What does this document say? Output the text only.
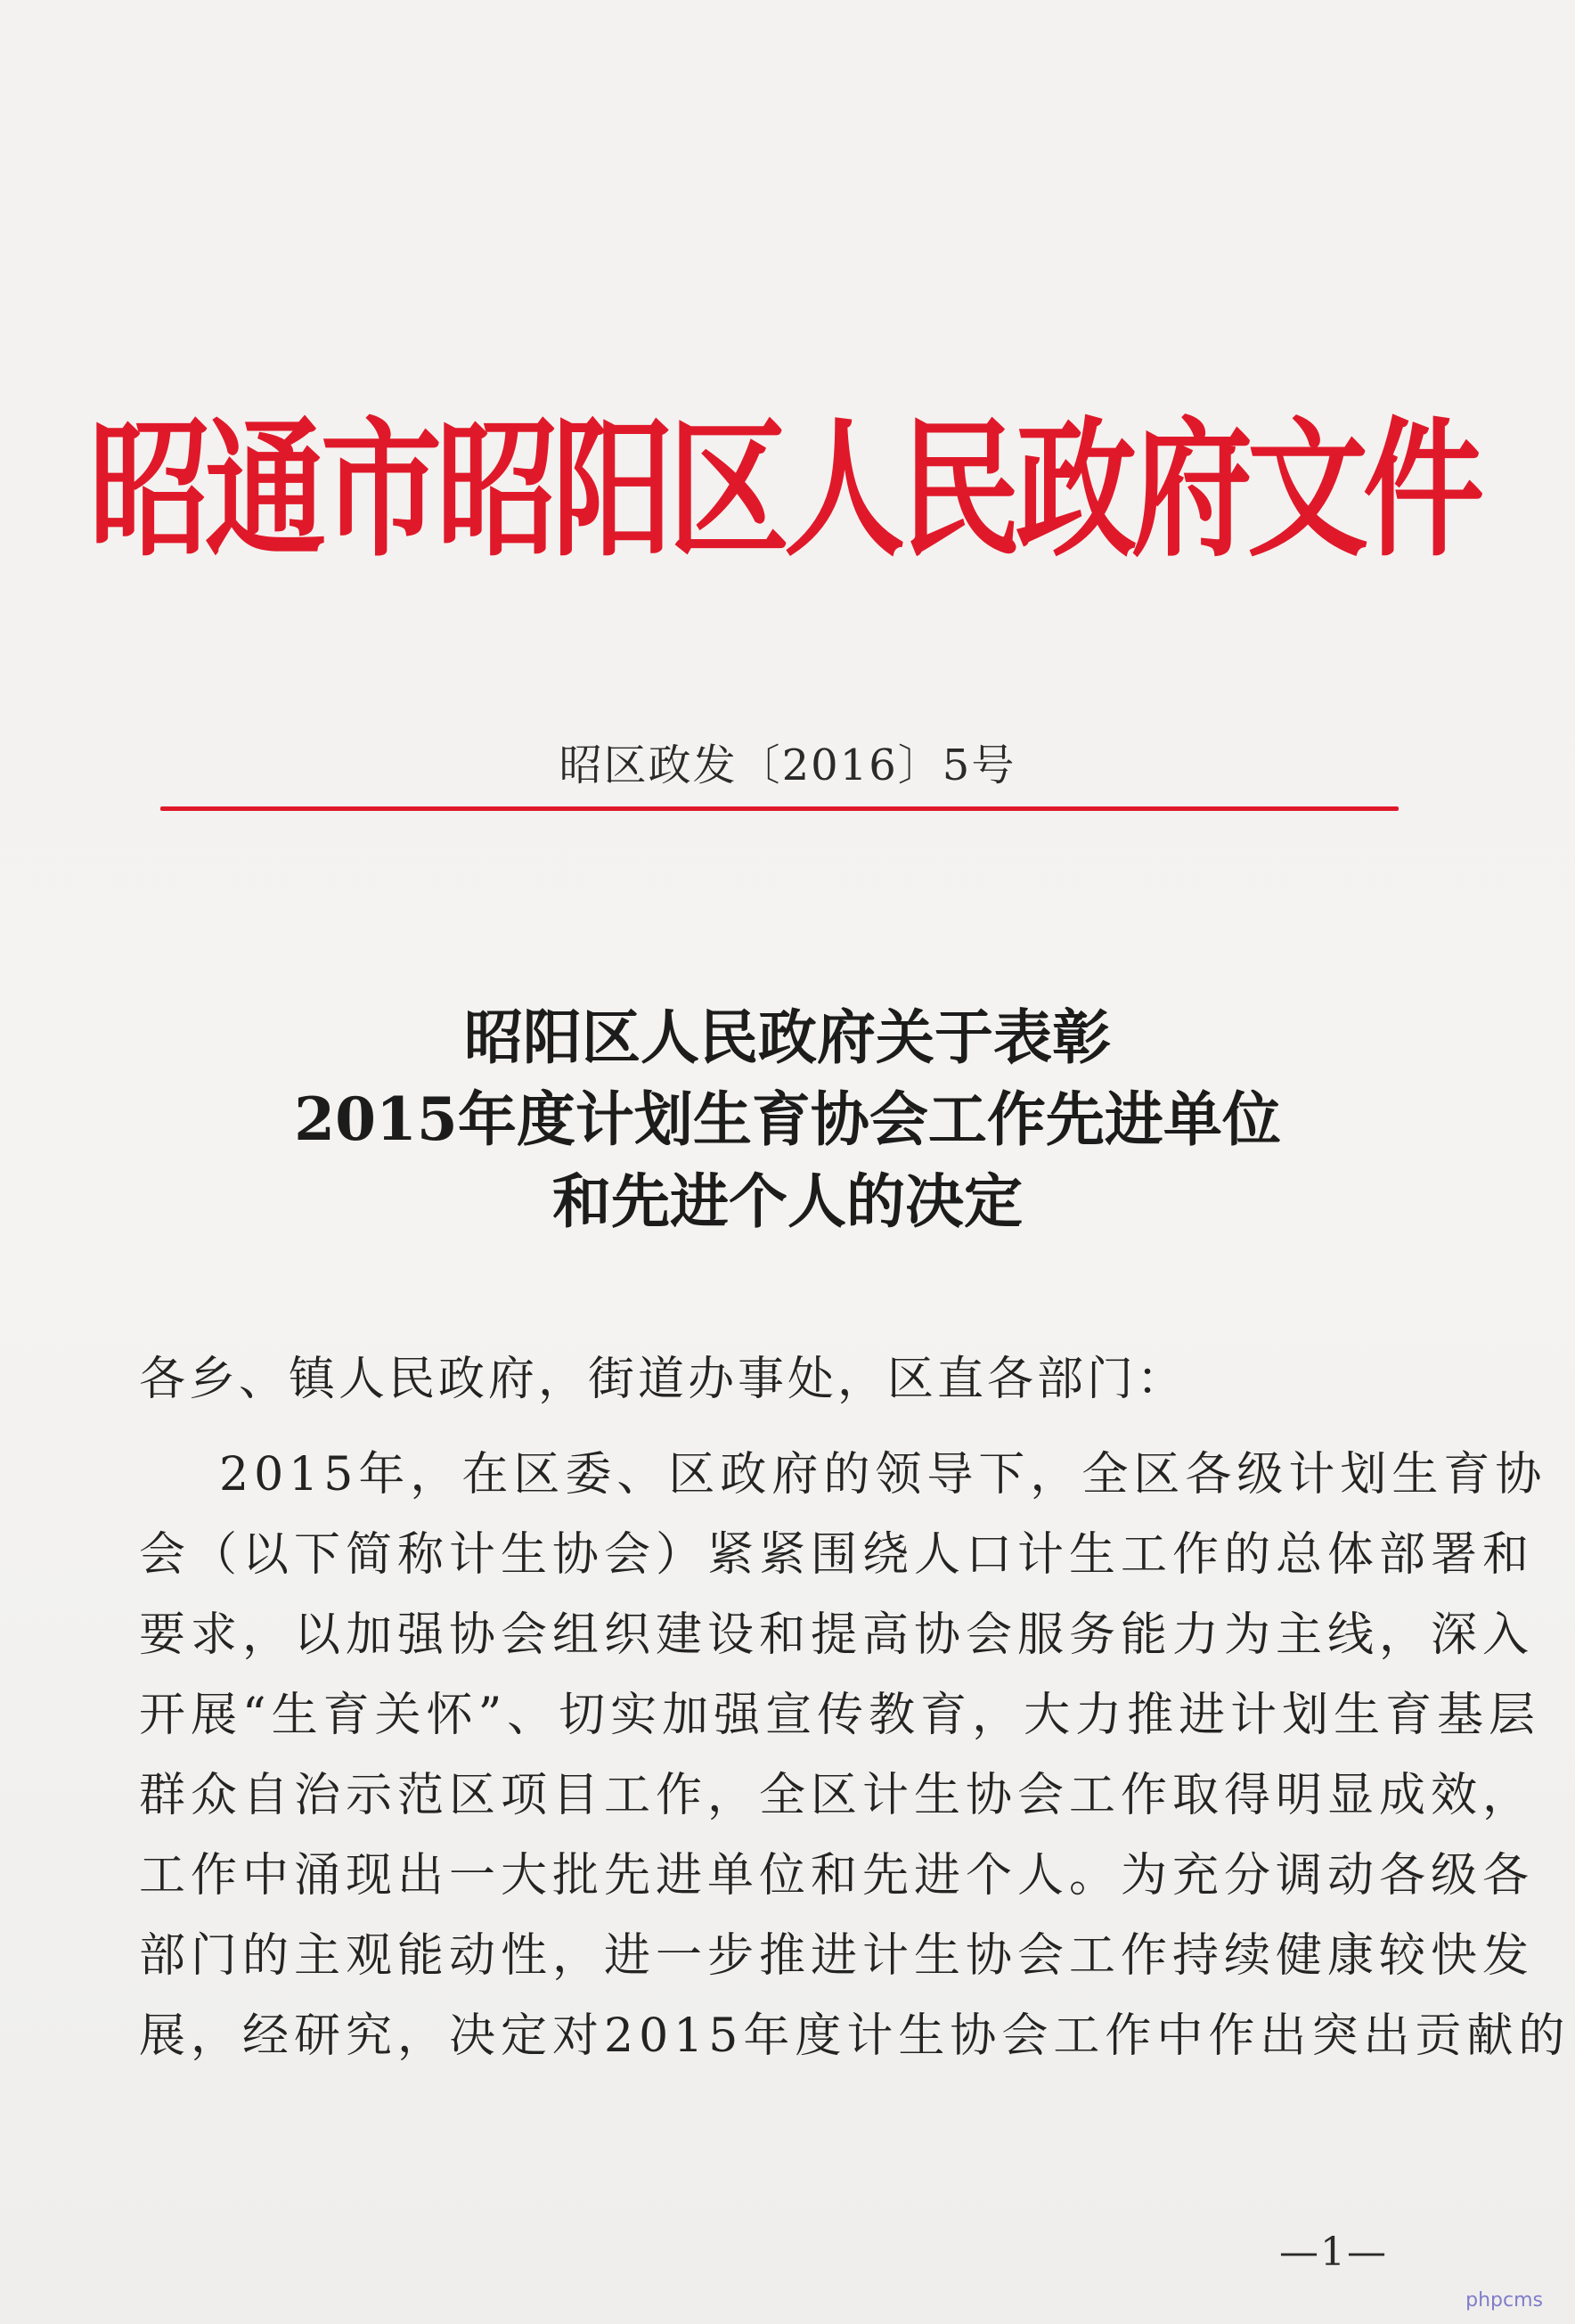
昭通市昭阳区人民政府文件
昭区政发〔2016〕5号
昭阳区人民政府关于表彰
2015年度计划生育协会工作先进单位
和先进个人的决定
各乡、镇人民政府，街道办事处，区直各部门：
2015年，在区委、区政府的领导下，全区各级计划生育协
会（以下简称计生协会）紧紧围绕人口计生工作的总体部署和
要求，以加强协会组织建设和提高协会服务能力为主线，深入
开展“生育关怀”、切实加强宣传教育，大力推进计划生育基层
群众自治示范区项目工作，全区计生协会工作取得明显成效，
工作中涌现出一大批先进单位和先进个人。为充分调动各级各
部门的主观能动性，进一步推进计生协会工作持续健康较快发
展，经研究，决定对2015年度计生协会工作中作出突出贡献的
—1—
phpcms
